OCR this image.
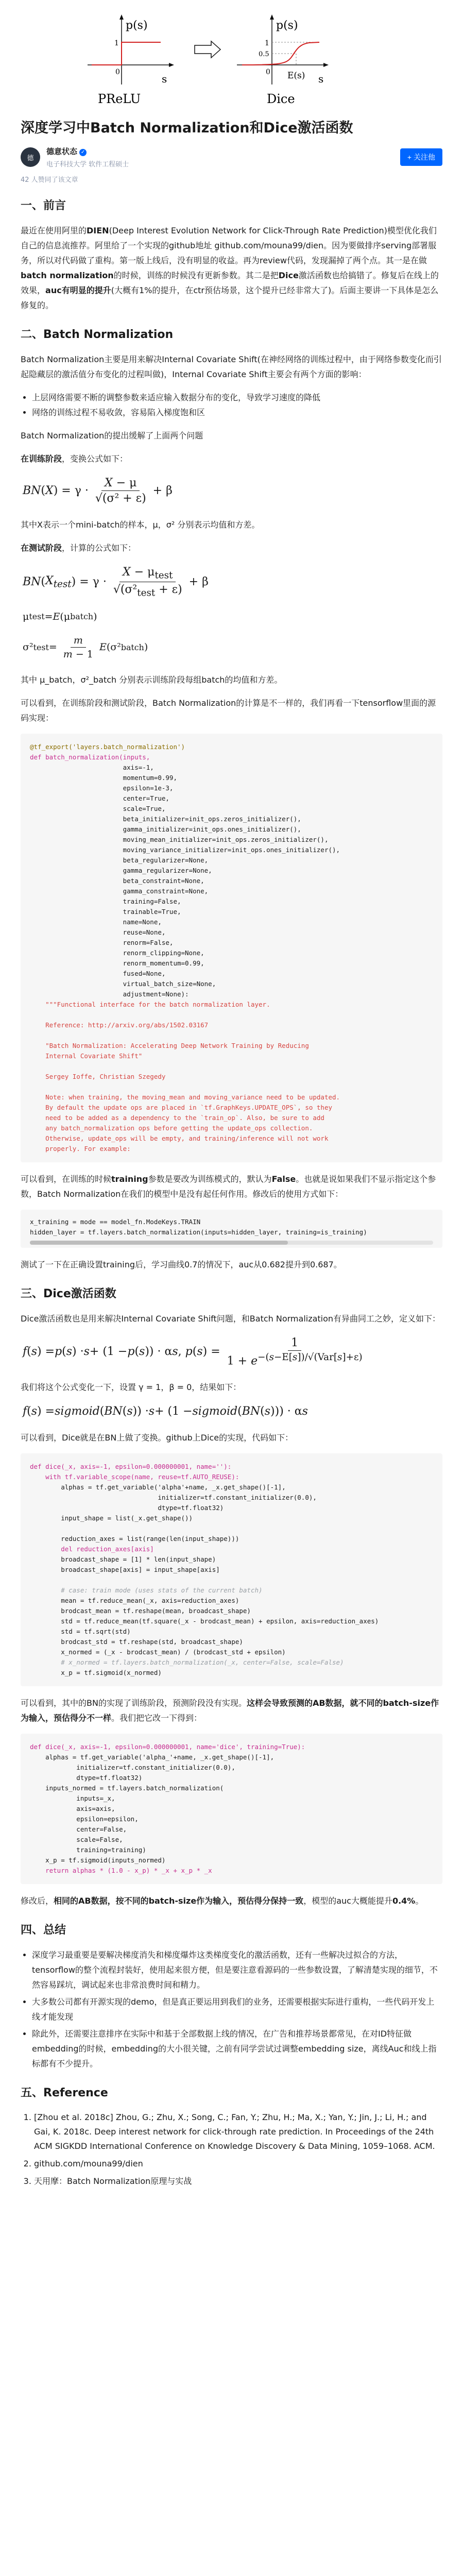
p(s)
1
0
s
PReLU
p(s)
1
0.5
0 E(s) s
Dice
深度学习中Batch Normalization和Dice激活函数
德
德意状态 ✓
电子科技大学 软件工程硕士
+ 关注他
42 人赞同了该文章
一、前言

最近在使用阿里的DIEN(Deep Interest Evolution Network for Click-Through Rate Prediction)模型优化我们自己的信息流推荐。阿里给了一个实现的github地址 github.com/mouna99/dien。因为要做排序serving部署服务，所以对代码做了重构。第一版上线后，没有明显的收益。再为review代码，发现漏掉了两个点。其一是在做batch normalization的时候，训练的时候没有更新参数。其二是把Dice激活函数也给搞错了。修复后在线上的效果，auc有明显的提升(大概有1%的提升，在ctr预估场景，这个提升已经非常大了)。后面主要讲一下具体是怎么修复的。

二、Batch Normalization

Batch Normalization主要是用来解决Internal Covariate Shift(在神经网络的训练过程中，由于网络参数变化而引起隐藏层的激活值分布变化的过程叫做)，Internal Covariate Shift主要会有两个方面的影响：

• 上层网络需要不断的调整参数来适应输入数据分布的变化，导致学习速度的降低
• 网络的训练过程不易收敛，容易陷入梯度饱和区

Batch Normalization的提出缓解了上面两个问题

在训练阶段，变换公式如下：

BN ( X ) = $\gamma \cdot \frac{X - \mu}{\text{√(σ² + ε)}} + \beta$

其中X表示一个mini-batch的样本，μ，σ² 分别表示均值和方差。

在测试阶段，计算的公式如下：

BN ( $X_{test}$ ) = $\gamma \cdot \frac{X - \mu_{test}}{√(\sigma^2_{test} + \varepsilon)} + \beta$
μ test = E (μ batch )
σ² test = $\frac{m}{m - 1}$
E (σ² batch )

其中 μ_batch，σ²_batch 分别表示训练阶段每组batch的均值和方差。

可以看到，在训练阶段和测试阶段，Batch Normalization的计算是不一样的，我们再看一下tensorflow里面的源码实现：

@tf_export('layers.batch_normalization')
def batch_normalization(inputs,
axis=-1,
momentum=0.99,
epsilon=1e-3,
center=True,
scale=True,
beta_initializer=init_ops.zeros_initializer(),
gamma_initializer=init_ops.ones_initializer(),
moving_mean_initializer=init_ops.zeros_initializer(),
moving_variance_initializer=init_ops.ones_initializer(),
beta_regularizer=None,
gamma_regularizer=None,
beta_constraint=None,
gamma_constraint=None,
training=False,
trainable=True,
name=None,
reuse=None,
renorm=False,
renorm_clipping=None,
renorm_momentum=0.99,
fused=None,
virtual_batch_size=None,
adjustment=None):
"""Functional interface for the batch normalization layer.

Reference: http://arxiv.org/abs/1502.03167

"Batch Normalization: Accelerating Deep Network Training by Reducing
Internal Covariate Shift"

Sergey Ioffe, Christian Szegedy

Note: when training, the moving_mean and moving_variance need to be updated.
By default the update ops are placed in `tf.GraphKeys.UPDATE_OPS`, so they
need to be added as a dependency to the `train_op`. Also, be sure to add
any batch_normalization ops before getting the update_ops collection.
Otherwise, update_ops will be empty, and training/inference will not work
properly. For example:

可以看到，在训练的时候training参数是要改为训练模式的，默认为False。也就是说如果我们不显示指定这个参数，Batch Normalization在我们的模型中是没有起任何作用。修改后的使用方式如下：

x_training = mode == model_fn.ModeKeys.TRAIN
hidden_layer = tf.layers.batch_normalization(inputs=hidden_layer, training=is_training)

测试了一下在正确设置training后，学习曲线0.7的情况下，auc从0.682提升到0.687。

三、Dice激活函数

Dice激活函数也是用来解决Internal Covariate Shift问题，和Batch Normalization有异曲同工之妙，定义如下：

f ( s ) = p ( s ) · s + (1 − p ( s )) · α s , p ( s ) = $\frac{1}{1 + e^{-(s-E[s])/√(Var[s]+\varepsilon)}}$

我们将这个公式变化一下，设置 γ = 1，β = 0，结果如下：

f ( s ) = sigmoid ( BN ( s )) · s + (1 − sigmoid ( BN ( s ))) · α s

可以看到，Dice就是在BN上做了变换。github上Dice的实现，代码如下：

def dice(_x, axis=-1, epsilon=0.000000001, name=''):
with tf.variable_scope(name, reuse=tf.AUTO_REUSE):
alphas = tf.get_variable('alpha'+name, _x.get_shape()[-1],
initializer=tf.constant_initializer(0.0),
dtype=tf.float32)
input_shape = list(_x.get_shape())

reduction_axes = list(range(len(input_shape)))
del reduction_axes[axis]
broadcast_shape = [1] * len(input_shape)
broadcast_shape[axis] = input_shape[axis]

# case: train mode (uses stats of the current batch)
mean = tf.reduce_mean(_x, axis=reduction_axes)
brodcast_mean = tf.reshape(mean, broadcast_shape)
std = tf.reduce_mean(tf.square(_x - brodcast_mean) + epsilon, axis=reduction_axes)
std = tf.sqrt(std)
brodcast_std = tf.reshape(std, broadcast_shape)
x_normed = (_x - brodcast_mean) / (brodcast_std + epsilon)
# x_normed = tf.layers.batch_normalization(_x, center=False, scale=False)
x_p = tf.sigmoid(x_normed)

可以看到，其中的BN的实现了训练阶段，预测阶段没有实现。这样会导致预测的AB数据，就不同的batch-size作为输入，预估得分不一样。我们把它改一下得到：

def dice(_x, axis=-1, epsilon=0.000000001, name='dice', training=True):
alphas = tf.get_variable('alpha_'+name, _x.get_shape()[-1],
initializer=tf.constant_initializer(0.0),
dtype=tf.float32)
inputs_normed = tf.layers.batch_normalization(
inputs=_x,
axis=axis,
epsilon=epsilon,
center=False,
scale=False,
training=training)
x_p = tf.sigmoid(inputs_normed)
return alphas * (1.0 - x_p) * _x + x_p * _x

修改后，相同的AB数据，按不同的batch-size作为输入，预估得分保持一致，模型的auc大概能提升0.4%。

四、总结
• 深度学习最重要是要解决梯度消失和梯度爆炸这类梯度变化的激活函数，还有一些解决过拟合的方法，tensorflow的整个流程封装好，使用起来很方便，但是要注意看源码的一些参数设置，了解清楚实现的细节，不然容易踩坑，调试起来也非常浪费时间和精力。
• 大多数公司都有开源实现的demo，但是真正要运用到我们的业务，还需要根据实际进行重构，一些代码开发上线才能发现
• 除此外，还需要注意排序在实际中和基于全部数据上线的情况，在广告和推荐场景都常见，在对ID特征做embedding的时候，embedding的大小很关键，之前有同学尝试过调整embedding size，离线Auc和线上指标都有不少提升。
五、Reference
1. [Zhou et al. 2018c] Zhou, G.; Zhu, X.; Song, C.; Fan, Y.; Zhu, H.; Ma, X.; Yan, Y.; Jin, J.; Li, H.; and Gai, K. 2018c. Deep interest network for click-through rate prediction. In Proceedings of the 24th ACM SIGKDD International Conference on Knowledge Discovery & Data Mining, 1059–1068. ACM.
2. github.com/mouna99/dien
3. 天用摩：Batch Normalization原理与实战
